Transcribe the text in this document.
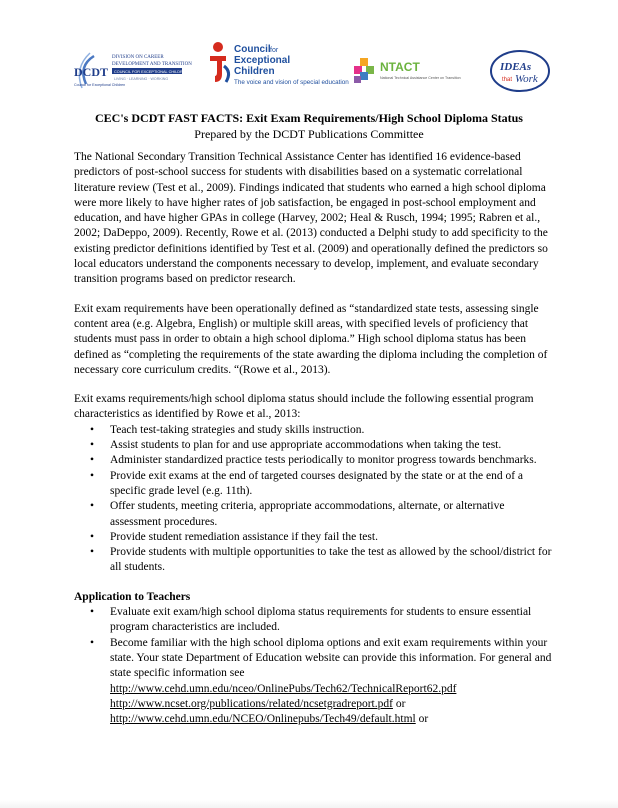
DCDT
Council for Exceptional Children
DIVISION ON CAREER
DEVELOPMENT AND TRANSITION
COUNCIL FOR EXCEPTIONAL CHILDREN
LIVING · LEARNING · WORKING
Council for
Exceptional
Children
The voice and vision of special education
NTACT
National Technical Assistance Center on Transition
IDEAs
that Work
CEC's DCDT FAST FACTS: Exit Exam Requirements/High School Diploma Status
Prepared by the DCDT Publications Committee

The National Secondary Transition Technical Assistance Center has identified 16 evidence-based predictors of post-school success for students with disabilities based on a systematic correlational literature review (Test et al., 2009). Findings indicated that students who earned a high school diploma were more likely to have higher rates of job satisfaction, be engaged in post-school employment and education, and have higher GPAs in college (Harvey, 2002; Heal & Rusch, 1994; 1995; Rabren et al., 2002; DaDeppo, 2009). Recently, Rowe et al. (2013) conducted a Delphi study to add specificity to the existing predictor definitions identified by Test et al. (2009) and operationally defined the predictors so local educators understand the components necessary to develop, implement, and evaluate secondary transition programs based on predictor research.

Exit exam requirements have been operationally defined as “standardized state tests, assessing single content area (e.g. Algebra, English) or multiple skill areas, with specified levels of proficiency that students must pass in order to obtain a high school diploma.” High school diploma status has been defined as “completing the requirements of the state awarding the diploma including the completion of necessary core curriculum credits. “(Rowe et al., 2013).

Exit exams requirements/high school diploma status should include the following essential program characteristics as identified by Rowe et al., 2013:
• Teach test-taking strategies and study skills instruction.
• Assist students to plan for and use appropriate accommodations when taking the test.
• Administer standardized practice tests periodically to monitor progress towards benchmarks.
• Provide exit exams at the end of targeted courses designated by the state or at the end of a specific grade level (e.g. 11th).
• Offer students, meeting criteria, appropriate accommodations, alternate, or alternative assessment procedures.
• Provide student remediation assistance if they fail the test.
• Provide students with multiple opportunities to take the test as allowed by the school/district for all students.
Application to Teachers
• Evaluate exit exam/high school diploma status requirements for students to ensure essential program characteristics are included.
• Become familiar with the high school diploma options and exit exam requirements within your state. Your state Department of Education website can provide this information. For general and state specific information see
http://www.cehd.umn.edu/nceo/OnlinePubs/Tech62/TechnicalReport62.pdf
http://www.ncset.org/publications/related/ncsetgradreport.pdf or
http://www.cehd.umn.edu/NCEO/Onlinepubs/Tech49/default.html or
